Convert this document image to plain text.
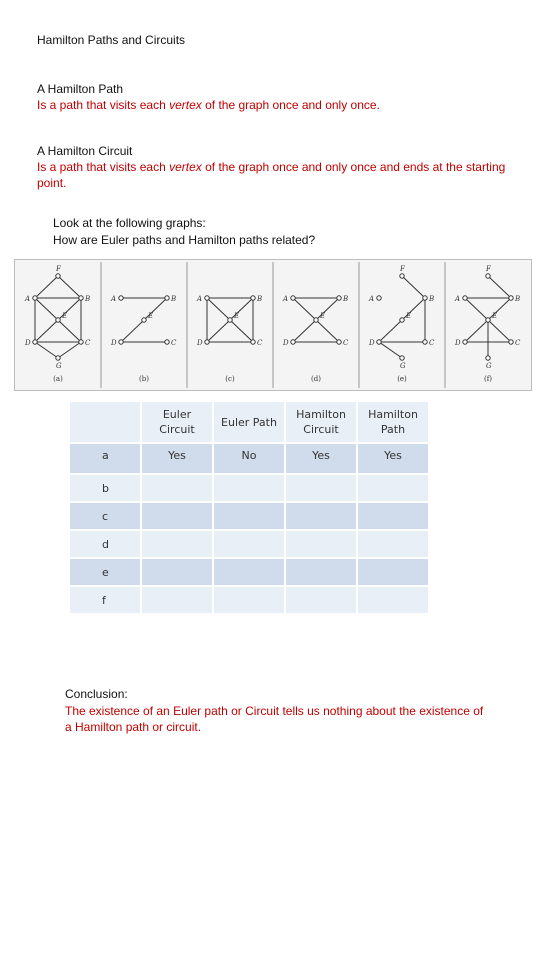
Hamilton Paths and Circuits
A Hamilton Path
Is a path that visits each vertex of the graph once and only once.
A Hamilton Circuit
Is a path that visits each vertex of the graph once and only once and ends at the starting point.
Look at the following graphs:
How are Euler paths and Hamilton paths related?
A	B
C
D
E
F
G
(a)
A	B
C
D
E
(b)
A	B
C
D
E
(c)
A	B
C
D
E
(d)
A	B
C
D
E
F
G
(e)
A	B
C
D
E
F
G
(f)

	Euler Circuit	Euler Path	Hamilton Circuit	Hamilton Path

a	Yes	No	Yes	Yes
b				
c				
d				
e				
f				
Conclusion:
The existence of an Euler path or Circuit tells us nothing about the existence of a Hamilton path or circuit.
